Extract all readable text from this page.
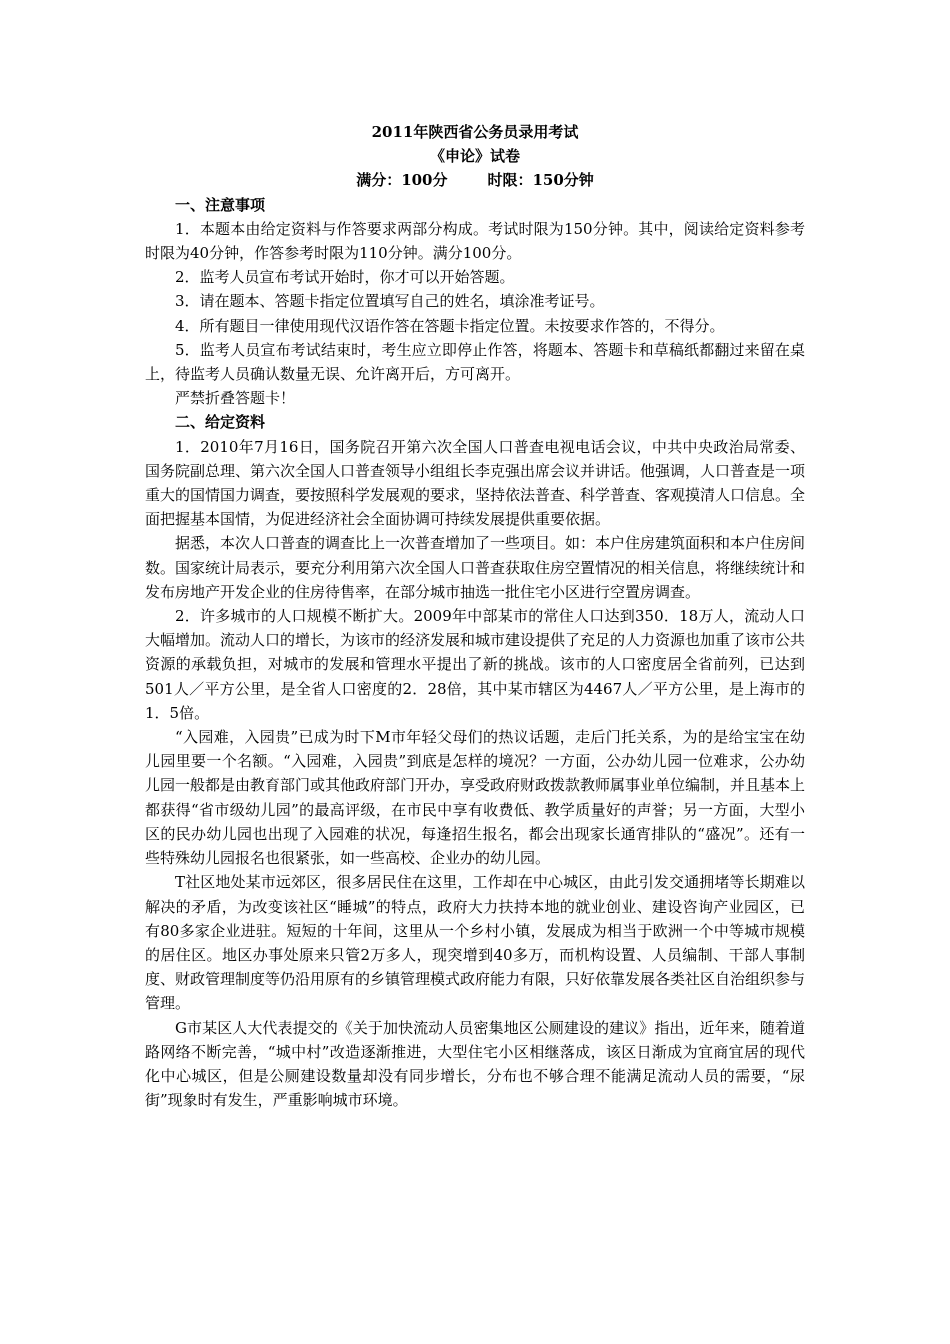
2011年陕西省公务员录用考试
《申论》试卷
满分：100分	时限：150分钟
一、注意事项

1．本题本由给定资料与作答要求两部分构成。考试时限为150分钟。其中，阅读给定资料参考时限为40分钟，作答参考时限为110分钟。满分100分。

2．监考人员宣布考试开始时，你才可以开始答题。

3．请在题本、答题卡指定位置填写自己的姓名，填涂准考证号。

4．所有题目一律使用现代汉语作答在答题卡指定位置。未按要求作答的，不得分。

5．监考人员宣布考试结束时，考生应立即停止作答，将题本、答题卡和草稿纸都翻过来留在桌上，待监考人员确认数量无误、允许离开后，方可离开。

严禁折叠答题卡！

二、给定资料

1．2010年7月16日，国务院召开第六次全国人口普查电视电话会议，中共中央政治局常委、国务院副总理、第六次全国人口普查领导小组组长李克强出席会议并讲话。他强调，人口普查是一项重大的国情国力调查，要按照科学发展观的要求，坚持依法普查、科学普查、客观摸清人口信息。全面把握基本国情，为促进经济社会全面协调可持续发展提供重要依据。

据悉，本次人口普查的调查比上一次普查增加了一些项目。如：本户住房建筑面积和本户住房间数。国家统计局表示，要充分利用第六次全国人口普查获取住房空置情况的相关信息，将继续统计和发布房地产开发企业的住房待售率，在部分城市抽选一批住宅小区进行空置房调查。

2．许多城市的人口规模不断扩大。2009年中部某市的常住人口达到350．18万人，流动人口大幅增加。流动人口的增长，为该市的经济发展和城市建设提供了充足的人力资源也加重了该市公共资源的承载负担，对城市的发展和管理水平提出了新的挑战。该市的人口密度居全省前列，已达到501人／平方公里，是全省人口密度的2．28倍，其中某市辖区为4467人／平方公里，是上海市的1．5倍。

“入园难，入园贵”已成为时下M市年轻父母们的热议话题，走后门托关系，为的是给宝宝在幼儿园里要一个名额。“入园难，入园贵”到底是怎样的境况？一方面，公办幼儿园一位难求，公办幼儿园一般都是由教育部门或其他政府部门开办，享受政府财政拨款教师属事业单位编制，并且基本上都获得“省市级幼儿园”的最高评级，在市民中享有收费低、教学质量好的声誉；另一方面，大型小区的民办幼儿园也出现了入园难的状况，每逢招生报名，都会出现家长通宵排队的“盛况”。还有一些特殊幼儿园报名也很紧张，如一些高校、企业办的幼儿园。

T社区地处某市远郊区，很多居民住在这里，工作却在中心城区，由此引发交通拥堵等长期难以解决的矛盾，为改变该社区“睡城”的特点，政府大力扶持本地的就业创业、建设咨询产业园区，已有80多家企业进驻。短短的十年间，这里从一个乡村小镇，发展成为相当于欧洲一个中等城市规模的居住区。地区办事处原来只管2万多人，现突增到40多万，而机构设置、人员编制、干部人事制度、财政管理制度等仍沿用原有的乡镇管理模式政府能力有限，只好依靠发展各类社区自治组织参与管理。

G市某区人大代表提交的《关于加快流动人员密集地区公厕建设的建议》指出，近年来，随着道路网络不断完善，“城中村”改造逐渐推进，大型住宅小区相继落成，该区日渐成为宜商宜居的现代化中心城区，但是公厕建设数量却没有同步增长，分布也不够合理不能满足流动人员的需要，“尿街”现象时有发生，严重影响城市环境。
